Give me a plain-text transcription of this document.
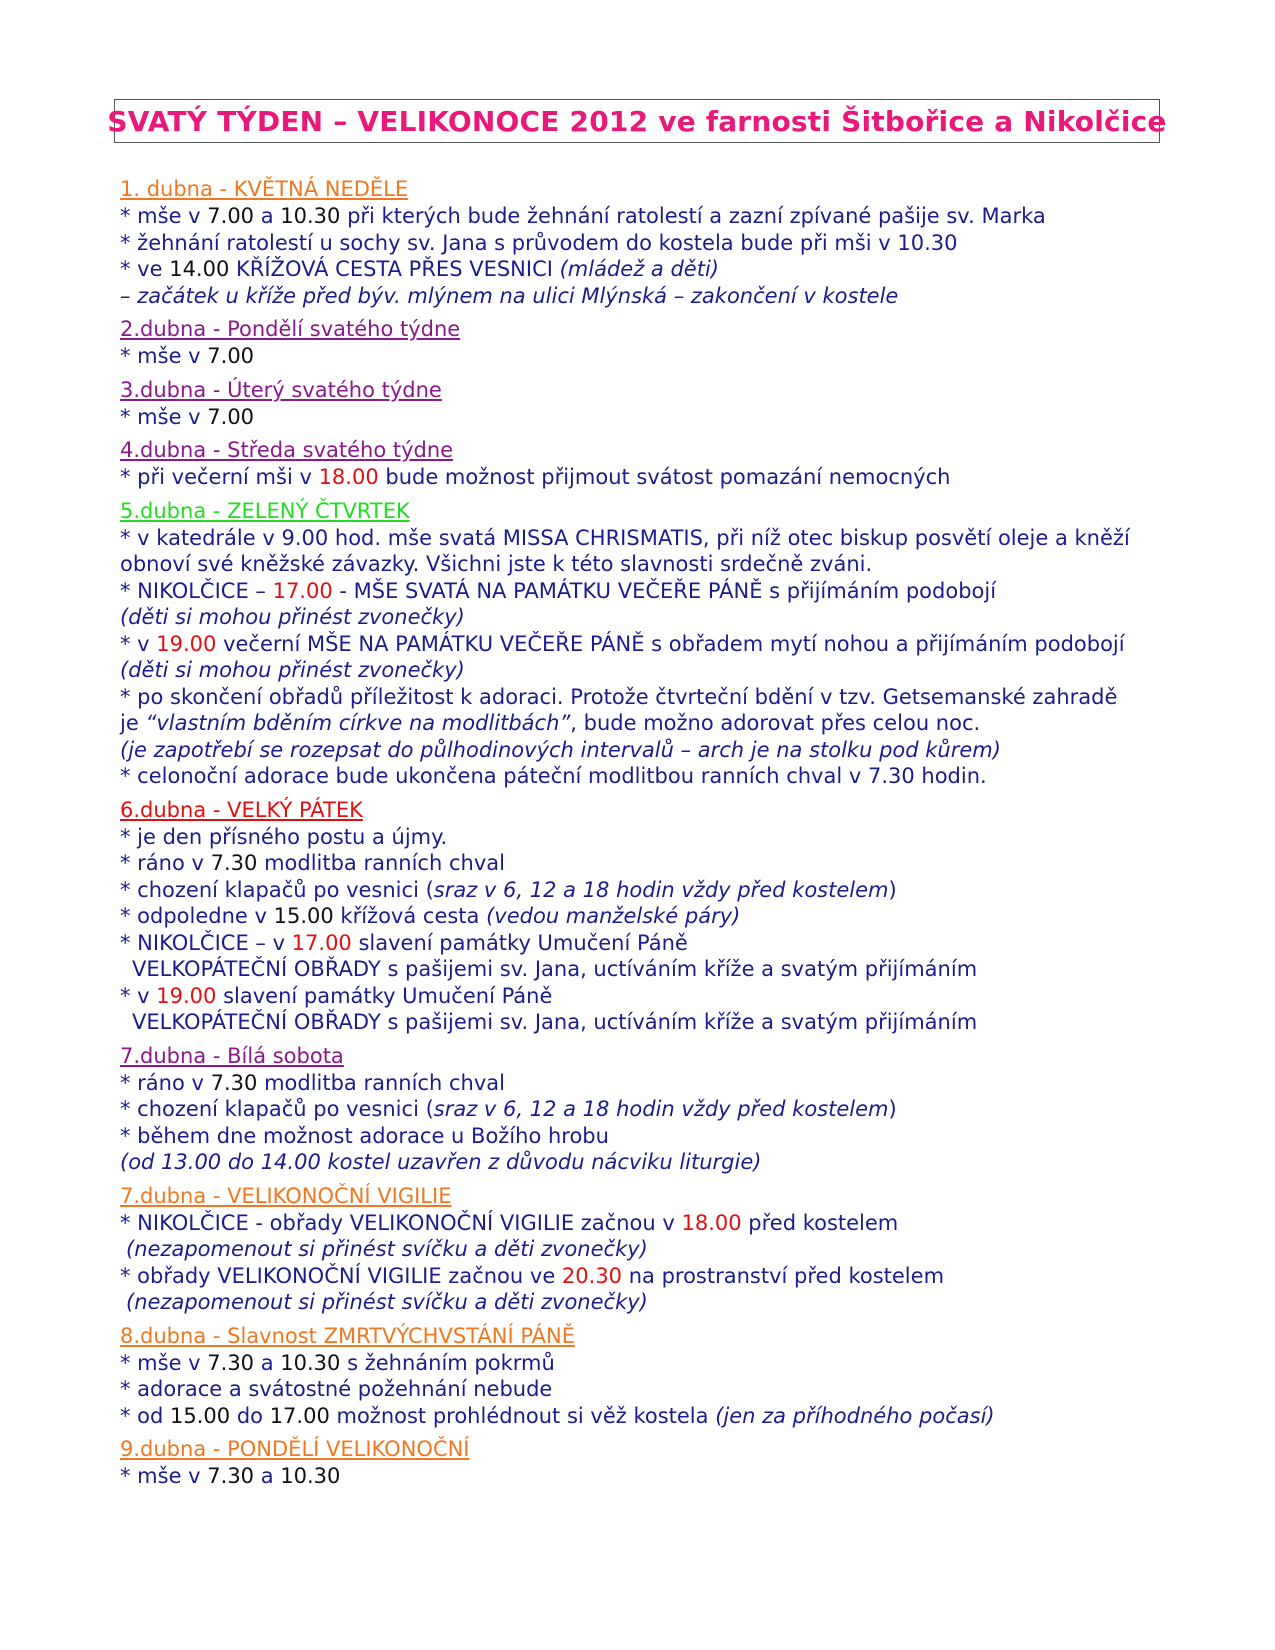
SVATÝ TÝDEN – VELIKONOCE 2012 ve farnosti Šitbořice a Nikolčice
1. dubna - KVĚTNÁ NEDĚLE
* mše v 7.00 a 10.30 při kterých bude žehnání ratolestí a zazní zpívané pašije sv. Marka
* žehnání ratolestí u sochy sv. Jana s průvodem do kostela bude při mši v 10.30
* ve 14.00 KŘÍŽOVÁ CESTA PŘES VESNICI (mládež a děti)
– začátek u kříže před býv. mlýnem na ulici Mlýnská – zakončení v kostele
2.dubna - Pondělí svatého týdne
* mše v 7.00
3.dubna - Úterý svatého týdne
* mše v 7.00
4.dubna - Středa svatého týdne
* při večerní mši v 18.00 bude možnost přijmout svátost pomazání nemocných
5.dubna - ZELENÝ ČTVRTEK
* v katedrále v 9.00 hod. mše svatá MISSA CHRISMATIS, při níž otec biskup posvětí oleje a kněží obnoví své kněžské závazky. Všichni jste k této slavnosti srdečně zváni.
* NIKOLČICE – 17.00 - MŠE SVATÁ NA PAMÁTKU VEČEŘE PÁNĚ s přijímáním podobojí
(děti si mohou přinést zvonečky)
* v 19.00 večerní MŠE NA PAMÁTKU VEČEŘE PÁNĚ s obřadem mytí nohou a přijímáním podobojí
(děti si mohou přinést zvonečky)
* po skončení obřadů příležitost k adoraci. Protože čtvrteční bdění v tzv. Getsemanské zahradě
je “vlastním bděním církve na modlitbách”, bude možno adorovat přes celou noc.
(je zapotřebí se rozepsat do půlhodinových intervalů – arch je na stolku pod kůrem)
* celonoční adorace bude ukončena páteční modlitbou ranních chval v 7.30 hodin.
6.dubna - VELKÝ PÁTEK
* je den přísného postu a újmy.
* ráno v 7.30 modlitba ranních chval
* chození klapačů po vesnici (sraz v 6, 12 a 18 hodin vždy před kostelem)
* odpoledne v 15.00 křížová cesta (vedou manželské páry)
* NIKOLČICE – v 17.00 slavení památky Umučení Páně
VELKOPÁTEČNÍ OBŘADY s pašijemi sv. Jana, uctíváním kříže a svatým přijímáním
* v 19.00 slavení památky Umučení Páně
VELKOPÁTEČNÍ OBŘADY s pašijemi sv. Jana, uctíváním kříže a svatým přijímáním
7.dubna - Bílá sobota
* ráno v 7.30 modlitba ranních chval
* chození klapačů po vesnici (sraz v 6, 12 a 18 hodin vždy před kostelem)
* během dne možnost adorace u Božího hrobu
(od 13.00 do 14.00 kostel uzavřen z důvodu nácviku liturgie)
7.dubna - VELIKONOČNÍ VIGILIE
* NIKOLČICE - obřady VELIKONOČNÍ VIGILIE začnou v 18.00 před kostelem
(nezapomenout si přinést svíčku a děti zvonečky)
* obřady VELIKONOČNÍ VIGILIE začnou ve 20.30 na prostranství před kostelem
(nezapomenout si přinést svíčku a děti zvonečky)
8.dubna - Slavnost ZMRTVÝCHVSTÁNÍ PÁNĚ
* mše v 7.30 a 10.30 s žehnáním pokrmů
* adorace a svátostné požehnání nebude
* od 15.00 do 17.00 možnost prohlédnout si věž kostela (jen za příhodného počasí)
9.dubna - PONDĚLÍ VELIKONOČNÍ
* mše v 7.30 a 10.30
